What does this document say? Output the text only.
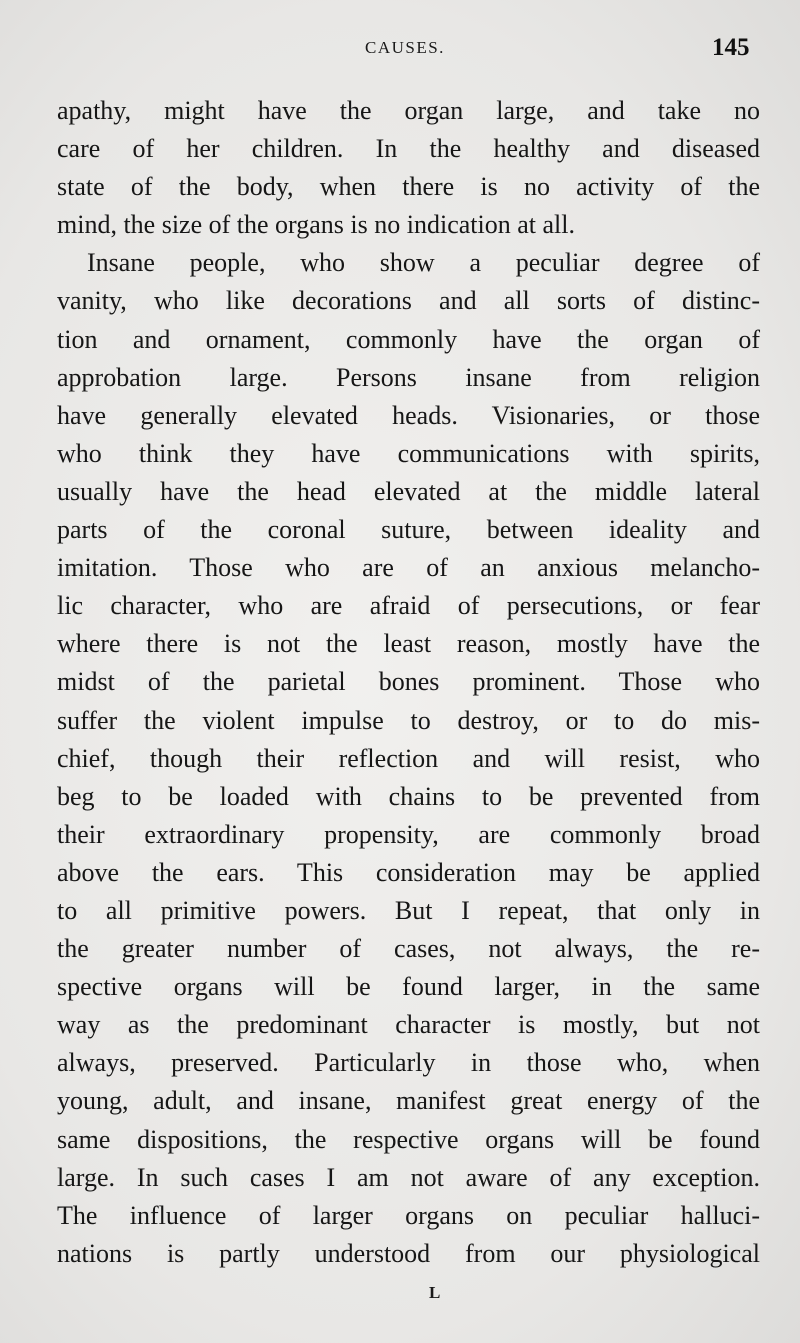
CAUSES.	145
apathy, might have the organ large, and take no
care of her children. In the healthy and diseased
state of the body, when there is no activity of the
mind, the size of the organs is no indication at all.
Insane people, who show a peculiar degree of
vanity, who like decorations and all sorts of distinc-
tion and ornament, commonly have the organ of
approbation large. Persons insane from religion
have generally elevated heads. Visionaries, or those
who think they have communications with spirits,
usually have the head elevated at the middle lateral
parts of the coronal suture, between ideality and
imitation. Those who are of an anxious melancho-
lic character, who are afraid of persecutions, or fear
where there is not the least reason, mostly have the
midst of the parietal bones prominent. Those who
suffer the violent impulse to destroy, or to do mis-
chief, though their reflection and will resist, who
beg to be loaded with chains to be prevented from
their extraordinary propensity, are commonly broad
above the ears. This consideration may be applied
to all primitive powers. But I repeat, that only in
the greater number of cases, not always, the re-
spective organs will be found larger, in the same
way as the predominant character is mostly, but not
always, preserved. Particularly in those who, when
young, adult, and insane, manifest great energy of the
same dispositions, the respective organs will be found
large. In such cases I am not aware of any exception.
The influence of larger organs on peculiar halluci-
nations is partly understood from our physiological
L
